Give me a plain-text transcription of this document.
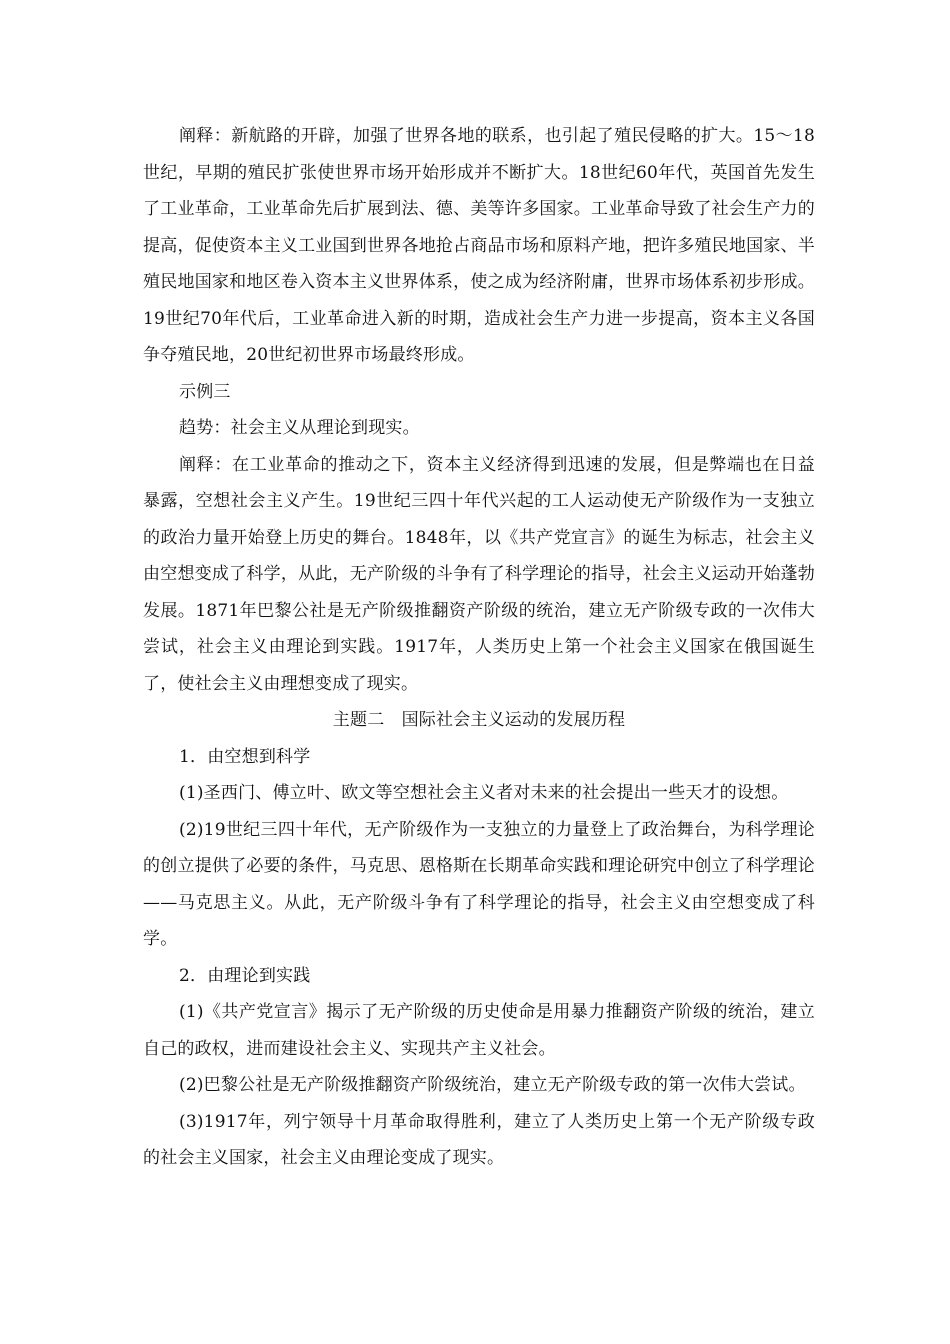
阐释：新航路的开辟，加强了世界各地的联系，也引起了殖民侵略的扩大。15～18世纪，早期的殖民扩张使世界市场开始形成并不断扩大。18世纪60年代，英国首先发生了工业革命，工业革命先后扩展到法、德、美等许多国家。工业革命导致了社会生产力的提高，促使资本主义工业国到世界各地抢占商品市场和原料产地，把许多殖民地国家、半殖民地国家和地区卷入资本主义世界体系，使之成为经济附庸，世界市场体系初步形成。19世纪70年代后，工业革命进入新的时期，造成社会生产力进一步提高，资本主义各国争夺殖民地，20世纪初世界市场最终形成。

示例三

趋势：社会主义从理论到现实。

阐释：在工业革命的推动之下，资本主义经济得到迅速的发展，但是弊端也在日益暴露，空想社会主义产生。19世纪三四十年代兴起的工人运动使无产阶级作为一支独立的政治力量开始登上历史的舞台。1848年，以《共产党宣言》的诞生为标志，社会主义由空想变成了科学，从此，无产阶级的斗争有了科学理论的指导，社会主义运动开始蓬勃发展。1871年巴黎公社是无产阶级推翻资产阶级的统治，建立无产阶级专政的一次伟大尝试，社会主义由理论到实践。1917年，人类历史上第一个社会主义国家在俄国诞生了，使社会主义由理想变成了现实。

主题二　国际社会主义运动的发展历程

1．由空想到科学

(1)圣西门、傅立叶、欧文等空想社会主义者对未来的社会提出一些天才的设想。

(2)19世纪三四十年代，无产阶级作为一支独立的力量登上了政治舞台，为科学理论的创立提供了必要的条件，马克思、恩格斯在长期革命实践和理论研究中创立了科学理论——马克思主义。从此，无产阶级斗争有了科学理论的指导，社会主义由空想变成了科学。

2．由理论到实践

(1)《共产党宣言》揭示了无产阶级的历史使命是用暴力推翻资产阶级的统治，建立自己的政权，进而建设社会主义、实现共产主义社会。

(2)巴黎公社是无产阶级推翻资产阶级统治，建立无产阶级专政的第一次伟大尝试。

(3)1917年，列宁领导十月革命取得胜利，建立了人类历史上第一个无产阶级专政的社会主义国家，社会主义由理论变成了现实。
